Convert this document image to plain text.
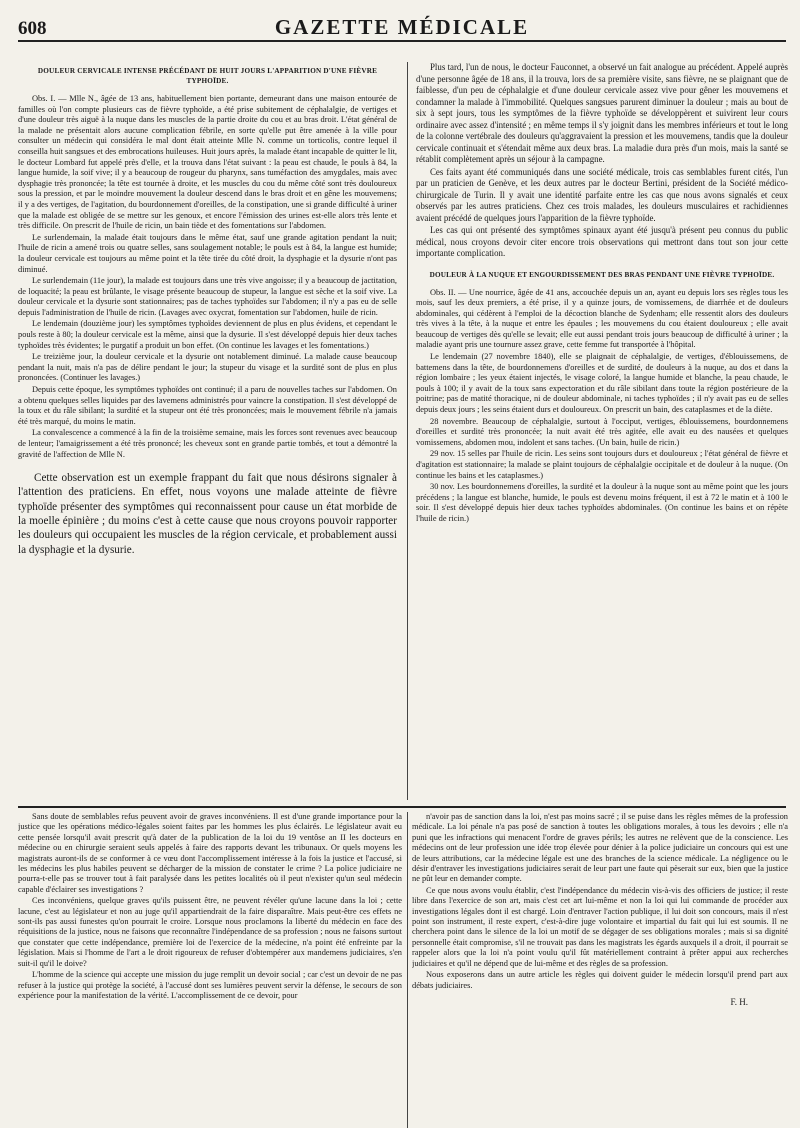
608	GAZETTE MÉDICALE
DOULEUR CERVICALE INTENSE PRÉCÉDANT DE HUIT JOURS L'APPARITION D'UNE FIÈVRE TYPHOÏDE.

Obs. I. — Mlle N., âgée de 13 ans, habituellement bien portante, demeurant dans une maison entourée de familles où l'on compte plusieurs cas de fièvre typhoïde, a été prise subitement de céphalalgie, de vertiges et d'une douleur très aiguë à la nuque dans les muscles de la partie droite du cou et au bras droit. L'état général de la malade ne présentait alors aucune complication fébrile, en sorte qu'elle put être amenée à la ville pour consulter un médecin qui considéra le mal dont était atteinte Mlle N. comme un torticolis, contre lequel il conseilla huit sangsues et des embrocations huileuses. Huit jours après, la malade étant incapable de quitter le lit, le docteur Lombard fut appelé près d'elle, et la trouva dans l'état suivant : la peau est chaude, le pouls à 84, la langue humide, la soif vive; il y a beaucoup de rougeur du pharynx, sans tuméfaction des amygdales, mais avec dysphagie très prononcée; la tête est tournée à droite, et les muscles du cou du même côté sont très douloureux sous la pression, et par le moindre mouvement la douleur descend dans le bras droit et en gêne les mouvemens; il y a des vertiges, de l'agitation, du bourdonnement d'oreilles, de la constipation, une si grande difficulté à uriner que la malade est obligée de se mettre sur les genoux, et encore l'émission des urines est-elle alors très lente et très difficile. On prescrit de l'huile de ricin, un bain tiède et des fomentations sur l'abdomen.

Le surlendemain, la malade était toujours dans le même état, sauf une grande agitation pendant la nuit; l'huile de ricin a amené trois ou quatre selles, sans soulagement notable; le pouls est à 84, la langue est humide; la douleur cervicale est toujours au même point et la tête tirée du côté droit, la dysphagie et la dysurie n'ont pas diminué.

Le surlendemain (11e jour), la malade est toujours dans une très vive angoisse; il y a beaucoup de jactitation, de loquacité; la peau est brûlante, le visage présente beaucoup de stupeur, la langue est sèche et la soif vive. La douleur cervicale et la dysurie sont stationnaires; pas de taches typhoïdes sur l'abdomen; il n'y a pas eu de selle depuis l'administration de l'huile de ricin. (Lavages avec oxycrat, fomentation sur l'abdomen, huile de ricin.

Le lendemain (douzième jour) les symptômes typhoïdes deviennent de plus en plus évidens, et cependant le pouls reste à 80; la douleur cervicale est la même, ainsi que la dysurie. Il s'est développé depuis hier deux taches typhoïdes très évidentes; le purgatif a produit un bon effet. (On continue les lavages et les fomentations.)

Le treizième jour, la douleur cervicale et la dysurie ont notablement diminué. La malade cause beaucoup pendant la nuit, mais n'a pas de délire pendant le jour; la stupeur du visage et la surdité sont de plus en plus prononcées. (Continuer les lavages.)

Depuis cette époque, les symptômes typhoïdes ont continué; il a paru de nouvelles taches sur l'abdomen. On a obtenu quelques selles liquides par des lavemens administrés pour vaincre la constipation. Il s'est développé de la toux et du râle sibilant; la surdité et la stupeur ont été très prononcées; mais le mouvement fébrile n'a jamais été très marqué, du moins le matin.

La convalescence a commencé à la fin de la troisième semaine, mais les forces sont revenues avec beaucoup de lenteur; l'amaigrissement a été très prononcé; les cheveux sont en grande partie tombés, et tout a démontré la gravité de l'affection de Mlle N.

Cette observation est un exemple frappant du fait que nous désirons signaler à l'attention des praticiens. En effet, nous voyons une malade atteinte de fièvre typhoïde présenter des symptômes qui reconnaissent pour cause un état morbide de la moelle épinière ; du moins c'est à cette cause que nous croyons pouvoir rapporter les douleurs qui occupaient les muscles de la région cervicale, et probablement aussi la dysphagie et la dysurie.

Plus tard, l'un de nous, le docteur Fauconnet, a observé un fait analogue au précédent. Appelé auprès d'une personne âgée de 18 ans, il la trouva, lors de sa première visite, sans fièvre, ne se plaignant que de faiblesse, d'un peu de céphalalgie et d'une douleur cervicale assez vive pour gêner les mouvemens et condamner la malade à l'immobilité. Quelques sangsues parurent diminuer la douleur ; mais au bout de six à sept jours, tous les symptômes de la fièvre typhoïde se développèrent et suivirent leur cours ordinaire avec assez d'intensité ; en même temps il s'y joignit dans les membres inférieurs et tout le long de la colonne vertébrale des douleurs qu'aggravaient la pression et les mouvemens, tandis que la douleur cervicale continuait et s'étendait même aux deux bras. La maladie dura près d'un mois, mais la santé se rétablit complètement après un séjour à la campagne.

Ces faits ayant été communiqués dans une société médicale, trois cas semblables furent cités, l'un par un praticien de Genève, et les deux autres par le docteur Bertini, président de la Société médico-chirurgicale de Turin. Il y avait une identité parfaite entre les cas que nous avons signalés et ceux observés par les autres praticiens. Chez ces trois malades, les douleurs musculaires et rachidiennes avaient précédé de quelques jours l'apparition de la fièvre typhoïde.

Les cas qui ont présenté des symptômes spinaux ayant été jusqu'à présent peu connus du public médical, nous croyons devoir citer encore trois observations qui mettront dans tout son jour cette importante complication.

DOULEUR À LA NUQUE ET ENGOURDISSEMENT DES BRAS PENDANT UNE FIÈVRE TYPHOÏDE.

Obs. II. — Une nourrice, âgée de 41 ans, accouchée depuis un an, ayant eu depuis lors ses règles tous les mois, sauf les deux premiers, a été prise, il y a quinze jours, de vomissemens, de diarrhée et de douleurs abdominales, qui cédèrent à l'emploi de la décoction blanche de Sydenham; elle ressentit alors des douleurs très vives à la tête, à la nuque et entre les épaules ; les mouvemens du cou étaient douloureux ; elle avait beaucoup de vertiges dès qu'elle se levait; elle eut aussi pendant trois jours beaucoup de difficulté à uriner ; la maladie ayant pris une tournure assez grave, cette femme fut transportée à l'hôpital.

Le lendemain (27 novembre 1840), elle se plaignait de céphalalgie, de vertiges, d'éblouissemens, de battemens dans la tête, de bourdonnemens d'oreilles et de surdité, de douleurs à la nuque, au dos et dans la région lombaire ; les yeux étaient injectés, le visage coloré, la langue humide et blanche, la peau chaude, le pouls à 100; il y avait de la toux sans expectoration et du râle sibilant dans toute la région postérieure de la poitrine; pas de matité thoracique, ni de douleur abdominale, ni taches typhoïdes ; il n'y avait pas eu de selles depuis deux jours ; les seins étaient durs et douloureux. On prescrit un bain, des cataplasmes et de la diète.

28 novembre. Beaucoup de céphalalgie, surtout à l'occiput, vertiges, éblouissemens, bourdonnemens d'oreilles et surdité très prononcée; la nuit avait été très agitée, elle avait eu des nausées et quelques vomissemens, abdomen mou, indolent et sans taches. (Un bain, huile de ricin.)

29 nov. 15 selles par l'huile de ricin. Les seins sont toujours durs et douloureux ; l'état général de fièvre et d'agitation est stationnaire; la malade se plaint toujours de céphalalgie occipitale et de douleur à la nuque. (On continue les bains et les cataplasmes.)

30 nov. Les bourdonnemens d'oreilles, la surdité et la douleur à la nuque sont au même point que les jours précédens ; la langue est blanche, humide, le pouls est devenu moins fréquent, il est à 72 le matin et à 100 le soir. Il s'est développé depuis hier deux taches typhoïdes abdominales. (On continue les bains et on répète l'huile de ricin.)

Sans doute de semblables refus peuvent avoir de graves inconvéniens. Il est d'une grande importance pour la justice que les opérations médico-légales soient faites par les hommes les plus éclairés. Le législateur avait eu cette pensée lorsqu'il avait prescrit qu'à dater de la publication de la loi du 19 ventôse an II les docteurs en médecine ou en chirurgie seraient seuls appelés à faire des rapports devant les tribunaux. Or quels moyens les magistrats auront-ils de se conformer à ce vœu dont l'accomplissement intéresse à la fois la justice et l'accusé, si les médecins les plus habiles peuvent se décharger de la mission de constater le crime ? La police judiciaire ne pourra-t-elle pas se trouver tout à fait paralysée dans les petites localités où il peut n'exister qu'un seul médecin capable d'éclairer ses investigations ?

Ces inconvéniens, quelque graves qu'ils puissent être, ne peuvent révéler qu'une lacune dans la loi ; cette lacune, c'est au législateur et non au juge qu'il appartiendrait de la faire disparaître. Mais peut-être ces effets ne sont-ils pas aussi funestes qu'on pourrait le croire. Lorsque nous proclamons la liberté du médecin en face des réquisitions de la justice, nous ne faisons que reconnaître l'indépendance de sa profession ; nous ne faisons surtout que constater que cette indépendance, première loi de l'exercice de la médecine, n'a point été enfreinte par la législation. Mais si l'homme de l'art a le droit rigoureux de refuser d'obtempérer aux mandemens judiciaires, s'en suit-il qu'il le doive?

L'homme de la science qui accepte une mission du juge remplit un devoir social ; car c'est un devoir de ne pas refuser à la justice qui protège la société, à l'accusé dont ses lumières peuvent servir la défense, le secours de son expérience pour la manifestation de la vérité. L'accomplissement de ce devoir, pour

n'avoir pas de sanction dans la loi, n'est pas moins sacré ; il se puise dans les règles mêmes de la profession médicale. La loi pénale n'a pas posé de sanction à toutes les obligations morales, à tous les devoirs ; elle n'a puni que les infractions qui menacent l'ordre de graves périls; les autres ne relèvent que de la conscience. Les médecins ont de leur profession une idée trop élevée pour dénier à la police judiciaire un concours qui est une de leurs attributions, car la médecine légale est une des branches de la science médicale. La négligence ou le désir d'entraver les investigations judiciaires serait de leur part une faute qui pèserait sur eux, bien que la justice ne pût leur en demander compte.

Ce que nous avons voulu établir, c'est l'indépendance du médecin vis-à-vis des officiers de justice; il reste libre dans l'exercice de son art, mais c'est cet art lui-même et non la loi qui lui commande de procéder aux investigations légales dont il est chargé. Loin d'entraver l'action publique, il lui doit son concours, mais il n'est point son instrument, il reste expert, c'est-à-dire juge volontaire et impartial du fait qui lui est soumis. Il ne cherchera point dans le silence de la loi un motif de se dégager de ses obligations morales ; mais si sa dignité personnelle était compromise, s'il ne trouvait pas dans les magistrats les égards auxquels il a droit, il pourrait se rappeler alors que la loi n'a point voulu qu'il fût matériellement contraint à prêter appui aux recherches judiciaires et qu'il ne dépend que de lui-même et des règles de sa profession.

Nous exposerons dans un autre article les règles qui doivent guider le médecin lorsqu'il prend part aux débats judiciaires.

F. H.
